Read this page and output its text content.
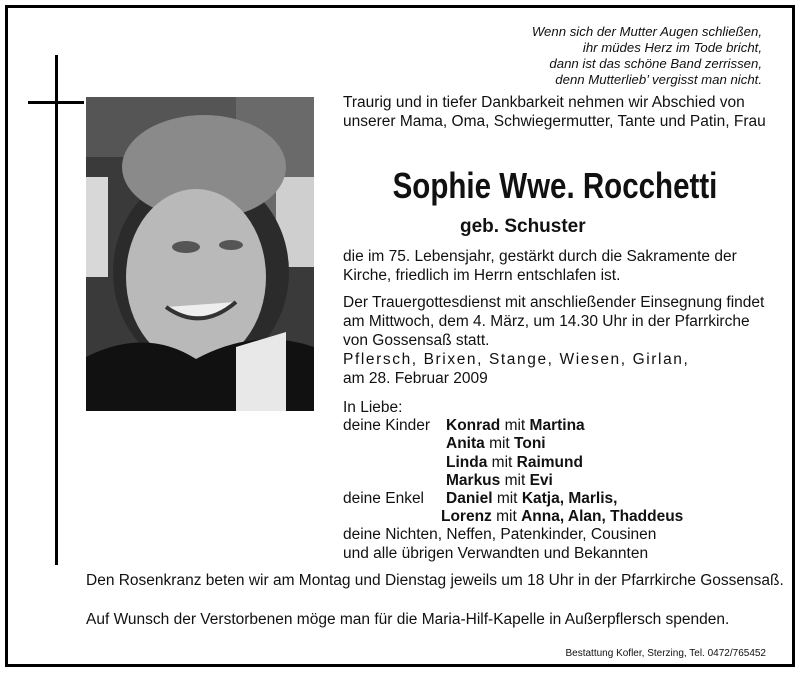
Wenn sich der Mutter Augen schließen,
ihr müdes Herz im Tode bricht,
dann ist das schöne Band zerrissen,
denn Mutterlieb’ vergisst man nicht.
Traurig und in tiefer Dankbarkeit nehmen wir Abschied von unserer Mama, Oma, Schwiegermutter, Tante und Patin, Frau
Sophie Wwe. Rocchetti
geb. Schuster
die im 75. Lebensjahr, gestärkt durch die Sakramente der Kirche, friedlich im Herrn entschlafen ist.
Der Trauergottesdienst mit anschließender Einsegnung findet am Mittwoch, dem 4. März, um 14.30 Uhr in der Pfarrkirche von Gossensaß statt.
Pflersch, Brixen, Stange, Wiesen, Girlan,
am 28. Februar 2009
In Liebe:
deine Kinder Konrad mit Martina
Anita mit Toni
Linda mit Raimund
Markus mit Evi
deine Enkel Daniel mit Katja, Marlis,
Lorenz mit Anna, Alan, Thaddeus
deine Nichten, Neffen, Patenkinder, Cousinen
und alle übrigen Verwandten und Bekannten
Den Rosenkranz beten wir am Montag und Dienstag jeweils um 18 Uhr in der Pfarrkirche Gossensaß.
Auf Wunsch der Verstorbenen möge man für die Maria-Hilf-Kapelle in Außerpflersch spenden.
Bestattung Kofler, Sterzing, Tel. 0472/765452
